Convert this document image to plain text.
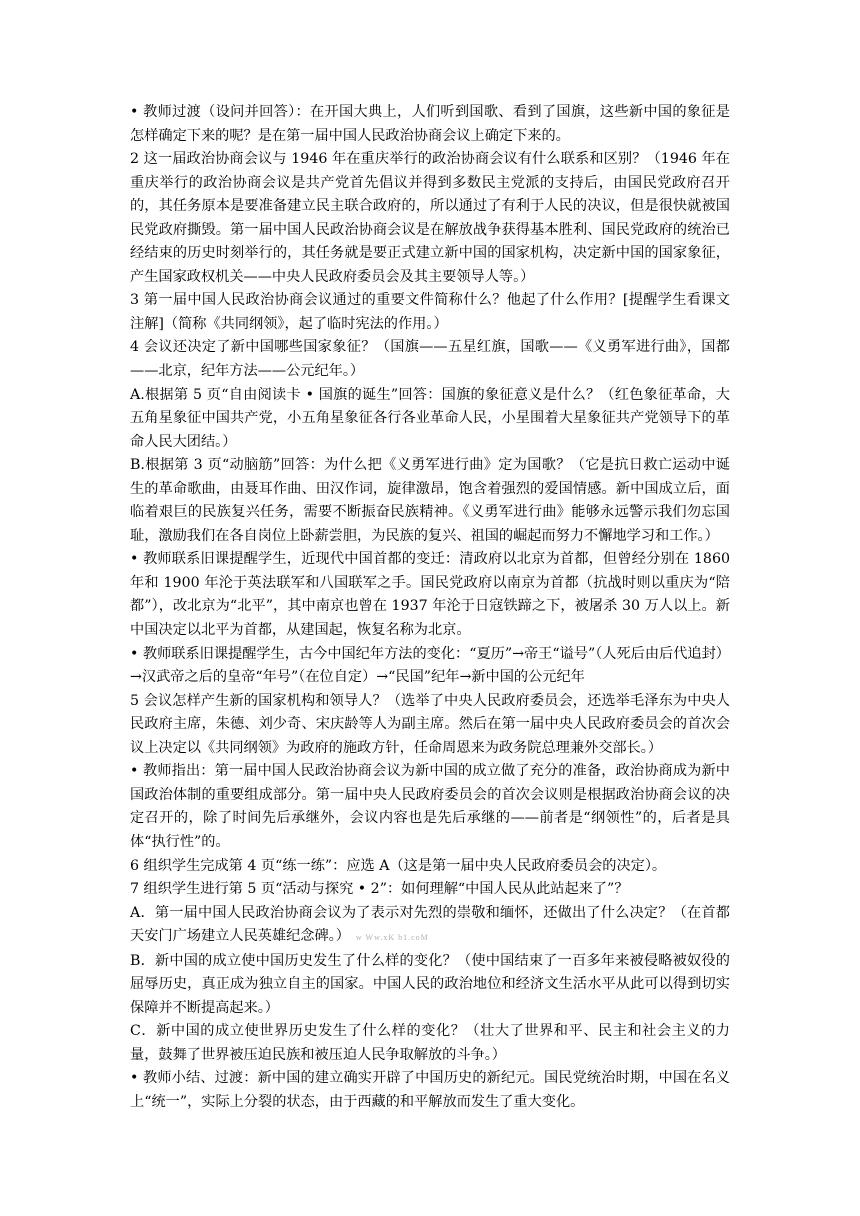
• 教师过渡（设问并回答）：在开国大典上，人们听到国歌、看到了国旗，这些新中国的象征是怎样确定下来的呢？是在第一届中国人民政治协商会议上确定下来的。

2 这一届政治协商会议与 1946 年在重庆举行的政治协商会议有什么联系和区别？（1946 年在重庆举行的政治协商会议是共产党首先倡议并得到多数民主党派的支持后，由国民党政府召开的，其任务原本是要准备建立民主联合政府的，所以通过了有利于人民的决议，但是很快就被国民党政府撕毁。第一届中国人民政治协商会议是在解放战争获得基本胜利、国民党政府的统治已经结束的历史时刻举行的，其任务就是要正式建立新中国的国家机构，决定新中国的国家象征，产生国家政权机关——中央人民政府委员会及其主要领导人等。）

3 第一届中国人民政治协商会议通过的重要文件简称什么？他起了什么作用？[提醒学生看课文注解]（简称《共同纲领》，起了临时宪法的作用。）

4 会议还决定了新中国哪些国家象征？（国旗——五星红旗，国歌——《义勇军进行曲》，国都——北京，纪年方法——公元纪年。）

A.根据第 5 页“自由阅读卡 • 国旗的诞生”回答：国旗的象征意义是什么？（红色象征革命，大五角星象征中国共产党，小五角星象征各行各业革命人民，小星围着大星象征共产党领导下的革命人民大团结。）

B.根据第 3 页“动脑筋”回答：为什么把《义勇军进行曲》定为国歌？（它是抗日救亡运动中诞生的革命歌曲，由聂耳作曲、田汉作词，旋律激昂，饱含着强烈的爱国情感。新中国成立后，面临着艰巨的民族复兴任务，需要不断振奋民族精神。《义勇军进行曲》能够永远警示我们勿忘国耻，激励我们在各自岗位上卧薪尝胆，为民族的复兴、祖国的崛起而努力不懈地学习和工作。）

• 教师联系旧课提醒学生，近现代中国首都的变迁：清政府以北京为首都，但曾经分别在 1860 年和 1900 年沦于英法联军和八国联军之手。国民党政府以南京为首都（抗战时则以重庆为“陪都”），改北京为“北平”，其中南京也曾在 1937 年沦于日寇铁蹄之下，被屠杀 30 万人以上。新中国决定以北平为首都，从建国起，恢复名称为北京。

• 教师联系旧课提醒学生，古今中国纪年方法的变化：“夏历”→帝王“谥号”（人死后由后代追封）→汉武帝之后的皇帝“年号”（在位自定）→“民国”纪年→新中国的公元纪年

5 会议怎样产生新的国家机构和领导人？（选举了中央人民政府委员会，还选举毛泽东为中央人民政府主席，朱德、刘少奇、宋庆龄等人为副主席。然后在第一届中央人民政府委员会的首次会议上决定以《共同纲领》为政府的施政方针，任命周恩来为政务院总理兼外交部长。）

• 教师指出：第一届中国人民政治协商会议为新中国的成立做了充分的准备，政治协商成为新中国政治体制的重要组成部分。第一届中央人民政府委员会的首次会议则是根据政治协商会议的决定召开的，除了时间先后承继外，会议内容也是先后承继的——前者是“纲领性”的，后者是具体“执行性”的。

6 组织学生完成第 4 页“练一练”：应选 A（这是第一届中央人民政府委员会的决定）。

7 组织学生进行第 5 页“活动与探究 • 2”：如何理解“中国人民从此站起来了”？

A．第一届中国人民政治协商会议为了表示对先烈的崇敬和缅怀，还做出了什么决定？（在首都天安门广场建立人民英雄纪念碑。） w Ww.xK b1.coM

B．新中国的成立使中国历史发生了什么样的变化？（使中国结束了一百多年来被侵略被奴役的屈辱历史，真正成为独立自主的国家。中国人民的政治地位和经济文生活水平从此可以得到切实保障并不断提高起来。）

C．新中国的成立使世界历史发生了什么样的变化？（壮大了世界和平、民主和社会主义的力量，鼓舞了世界被压迫民族和被压迫人民争取解放的斗争。）

• 教师小结、过渡：新中国的建立确实开辟了中国历史的新纪元。国民党统治时期，中国在名义上“统一”，实际上分裂的状态，由于西藏的和平解放而发生了重大变化。
